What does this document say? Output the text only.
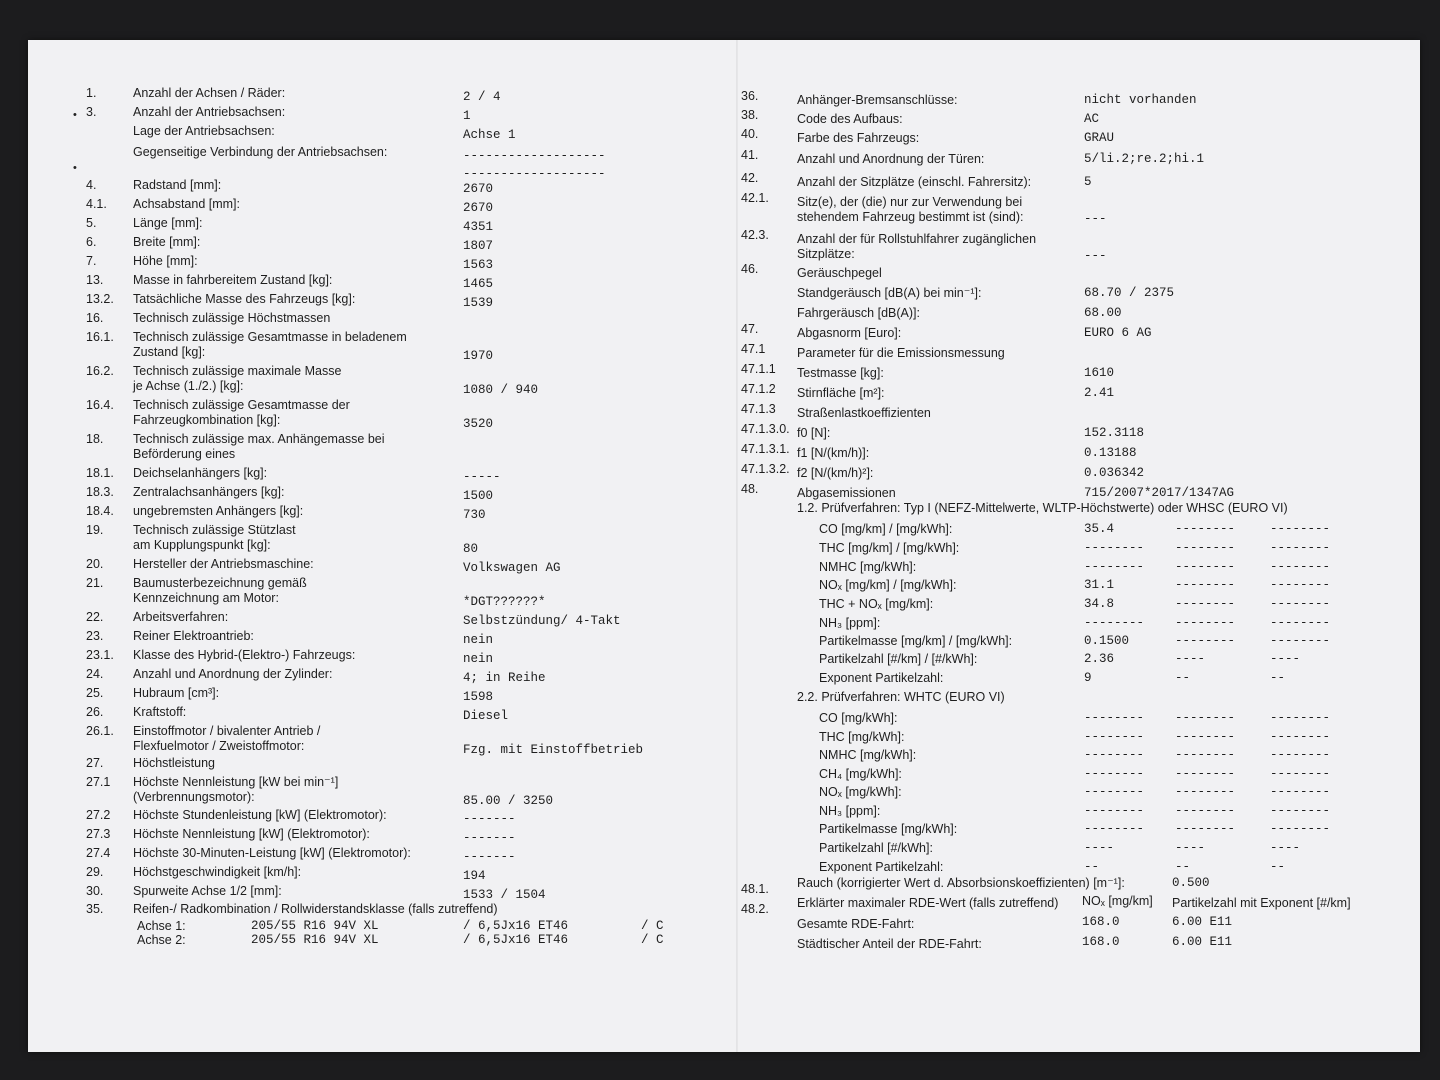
•
•
1.	Anzahl der Achsen / Räder:	2 / 4
3.	Anzahl der Antriebsachsen:	1
Lage der Antriebsachsen:	Achse 1
Gegenseitige Verbindung der Antriebsachsen:	-------------------
-------------------
4.	Radstand [mm]:	2670
4.1. Achsabstand [mm]:	2670
5.	Länge [mm]:	4351
6.	Breite [mm]:	1807
7.	Höhe [mm]:	1563
13. Masse in fahrbereitem Zustand [kg]:	1465
13.2. Tatsächliche Masse des Fahrzeugs [kg]:	1539
16. Technisch zulässige Höchstmassen
16.1. Technisch zulässige Gesamtmasse in beladenem
Zustand [kg]:	1970
16.2. Technisch zulässige maximale Masse
je Achse (1./2.) [kg]:	1080 / 940
16.4. Technisch zulässige Gesamtmasse der
Fahrzeugkombination [kg]:	3520
18. Technisch zulässige max. Anhängemasse bei
Beförderung eines
18.1. Deichselanhängers [kg]:	-----
18.3. Zentralachsanhängers [kg]:	1500
18.4. ungebremsten Anhängers [kg]:	730
19. Technisch zulässige Stützlast
am Kupplungspunkt [kg]:	80
20. Hersteller der Antriebsmaschine:	Volkswagen AG
21. Baumusterbezeichnung gemäß
Kennzeichnung am Motor:	*DGT??????*
22. Arbeitsverfahren:	Selbstzündung/ 4-Takt
23. Reiner Elektroantrieb:	nein
23.1. Klasse des Hybrid-(Elektro-) Fahrzeugs:	nein
24. Anzahl und Anordnung der Zylinder:	4; in Reihe
25. Hubraum [cm³]:	1598
26. Kraftstoff:	Diesel
26.1. Einstoffmotor / bivalenter Antrieb /
Flexfuelmotor / Zweistoffmotor:	Fzg. mit Einstoffbetrieb
27. Höchstleistung
27.1 Höchste Nennleistung [kW bei min⁻¹]
(Verbrennungsmotor):	85.00 / 3250
27.2 Höchste Stundenleistung [kW] (Elektromotor):	-------
27.3 Höchste Nennleistung [kW] (Elektromotor):	-------
27.4 Höchste 30-Minuten-Leistung [kW] (Elektromotor):	-------
29. Höchstgeschwindigkeit [km/h]:	194
30. Spurweite Achse 1/2 [mm]:	1533 / 1504
35. Reifen-/ Radkombination / Rollwiderstandsklasse (falls zutreffend)
Achse 1:	205/55 R16 94V XL	/ 6,5Jx16 ET46	/ C
Achse 2:	205/55 R16 94V XL	/ 6,5Jx16 ET46	/ C
36.	Anhänger-Bremsanschlüsse:	nicht vorhanden
38.	Code des Aufbaus:	AC
40.	Farbe des Fahrzeugs:	GRAU
41.	Anzahl und Anordnung der Türen:	5/li.2;re.2;hi.1
42.	Anzahl der Sitzplätze (einschl. Fahrersitz):	5
42.1. Sitz(e), der (die) nur zur Verwendung bei
stehendem Fahrzeug bestimmt ist (sind):	---
42.3. Anzahl der für Rollstuhlfahrer zugänglichen
Sitzplätze:	---
46.	Geräuschpegel
Standgeräusch [dB(A) bei min⁻¹]:	68.70 / 2375
Fahrgeräusch [dB(A)]:	68.00
47.	Abgasnorm [Euro]:	EURO 6 AG
47.1	Parameter für die Emissionsmessung
47.1.1 Testmasse [kg]:	1610
47.1.2 Stirnfläche [m²]:	2.41
47.1.3 Straßenlastkoeffizienten
47.1.3.0. f0 [N]:	152.3118
47.1.3.1. f1 [N/(km/h)]:	0.13188
47.1.3.2. f2 [N/(km/h)²]:	0.036342
48.	Abgasemissionen	715/2007*2017/1347AG
1.2. Prüfverfahren: Typ I (NEFZ-Mittelwerte, WLTP-Höchstwerte) oder WHSC (EURO VI)
CO [mg/km] / [mg/kWh]:	35.4	--------	--------
THC [mg/km] / [mg/kWh]:	-------- --------	--------
NMHC [mg/kWh]:	-------- --------	--------
NOₓ [mg/km] / [mg/kWh]:	31.1	--------	--------
THC + NOₓ [mg/km]:	34.8	--------	--------
NH₃ [ppm]:	-------- --------	--------
Partikelmasse [mg/km] / [mg/kWh]:	0.1500	--------	--------
Partikelzahl [#/km] / [#/kWh]:	2.36	----	----
Exponent Partikelzahl:	9	--	--
2.2. Prüfverfahren: WHTC (EURO VI)
CO [mg/kWh]:	-------- --------	--------
THC [mg/kWh]:	-------- --------	--------
NMHC [mg/kWh]:	-------- --------	--------
CH₄ [mg/kWh]:	-------- --------	--------
NOₓ [mg/kWh]:	-------- --------	--------
NH₃ [ppm]:	-------- --------	--------
Partikelmasse [mg/kWh]:	-------- --------	--------
Partikelzahl [#/kWh]:	----	----	----
Exponent Partikelzahl:	--	--	--
48.1. Rauch (korrigierter Wert d. Absorbsionskoeffizienten) [m⁻¹]:	0.500
48.2. Erklärter maximaler RDE-Wert (falls zutreffend) NOₓ [mg/km] Partikelzahl mit Exponent [#/km]
Gesamte RDE-Fahrt:	168.0	6.00 E11
Städtischer Anteil der RDE-Fahrt:	168.0	6.00 E11
